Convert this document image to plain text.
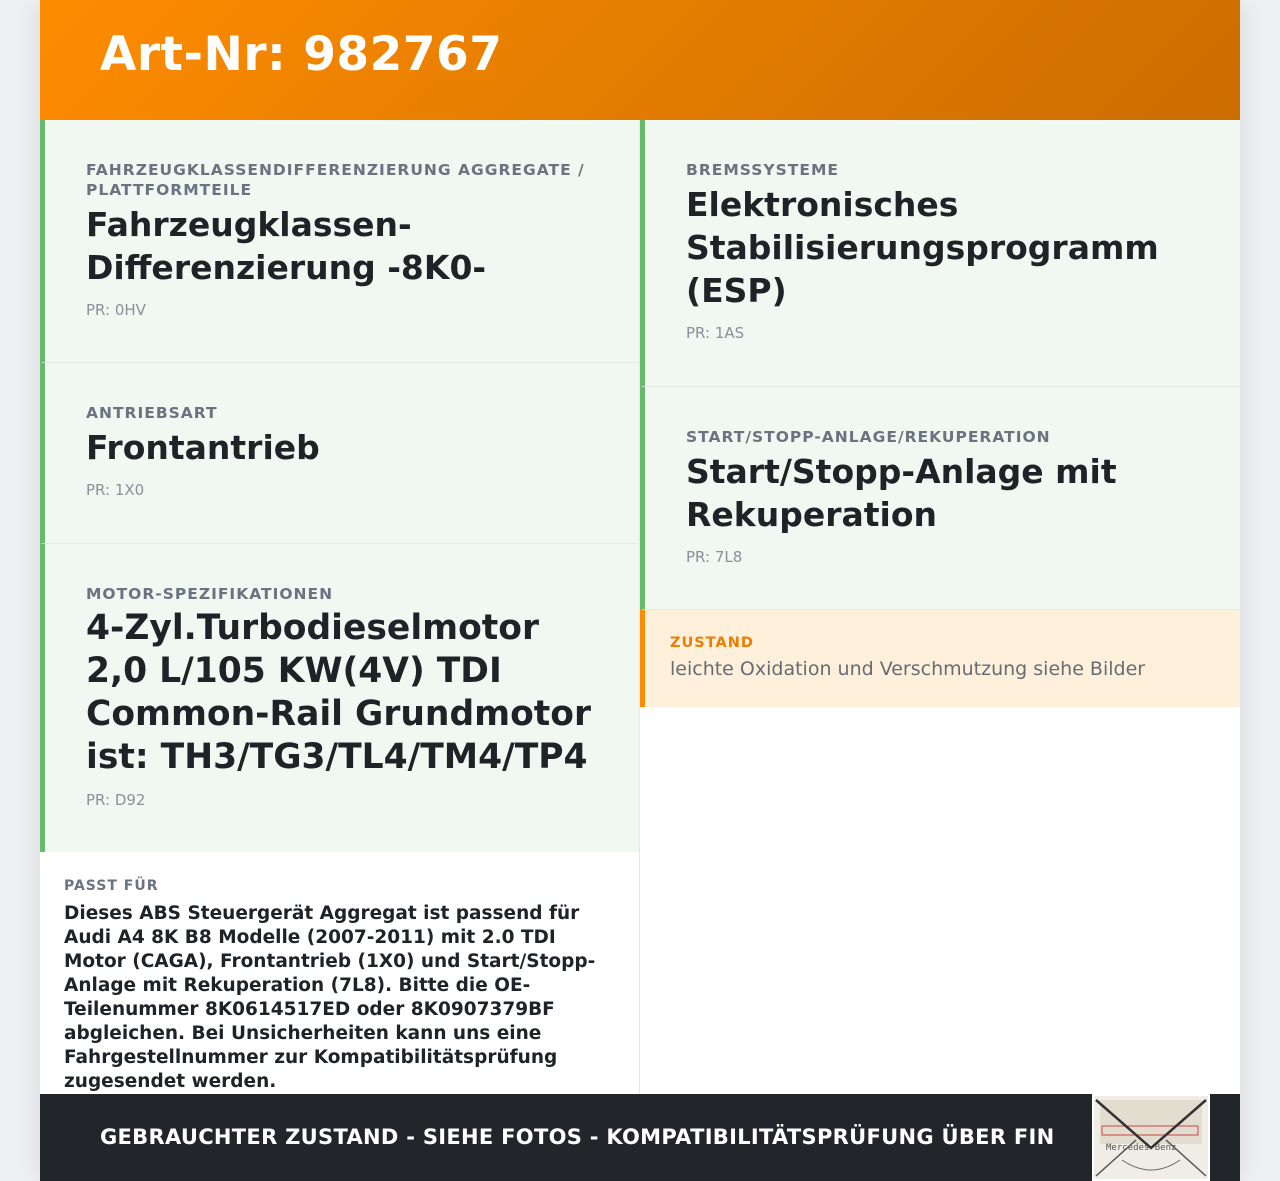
Art-Nr: 982767
FAHRZEUGKLASSENDIFFERENZIERUNG AGGREGATE / PLATTFORMTEILE
Fahrzeugklassen-Differenzierung -8K0-
PR: 0HV
ANTRIEBSART
Frontantrieb
PR: 1X0
MOTOR-SPEZIFIKATIONEN
4-Zyl.Turbodieselmotor 2,0 L/105 KW(4V) TDI Common-Rail Grundmotor ist: TH3/TG3/TL4/TM4/TP4
PR: D92
PASST FÜR
Dieses ABS Steuergerät Aggregat ist passend für Audi A4 8K B8 Modelle (2007-2011) mit 2.0 TDI Motor (CAGA), Frontantrieb (1X0) und Start/Stopp-Anlage mit Rekuperation (7L8). Bitte die OE-Teilenummer 8K0614517ED oder 8K0907379BF abgleichen. Bei Unsicherheiten kann uns eine Fahrgestellnummer zur Kompatibilitätsprüfung zugesendet werden.
BREMSSYSTEME
Elektronisches Stabilisierungsprogramm (ESP)
PR: 1AS
START/STOPP-ANLAGE/REKUPERATION
Start/Stopp-Anlage mit Rekuperation
PR: 7L8
ZUSTAND
leichte Oxidation und Verschmutzung siehe Bilder
GEBRAUCHTER ZUSTAND - SIEHE FOTOS - KOMPATIBILITÄTSPRÜFUNG ÜBER FIN	Mercedes-Benz
